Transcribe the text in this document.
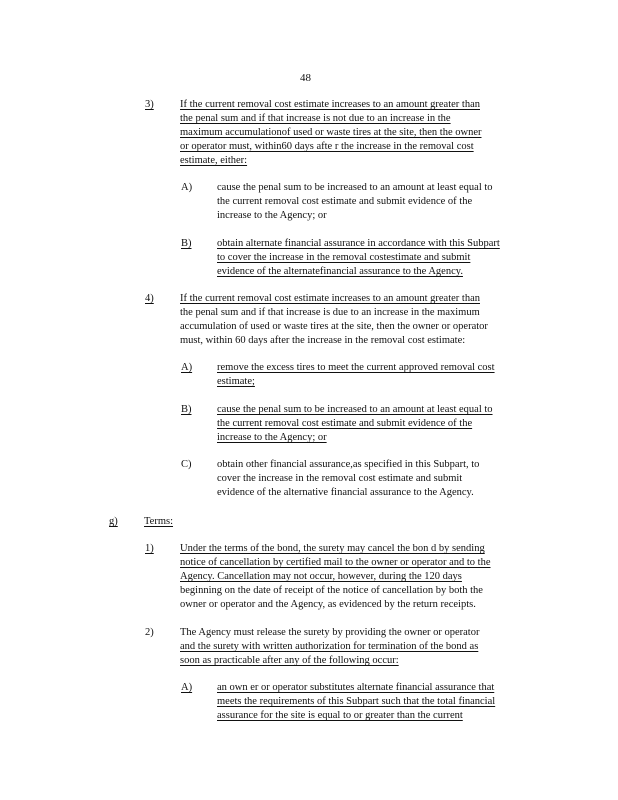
48
3)	If the current removal cost estimate increases to an amount greater than

the penal sum and if that increase is not due to an increase in the

maximum accumulationof used or waste tires at the site, then the owner

or operator must, within60 days afte r the increase in the removal cost

estimate, either:

A) cause the penal sum to be increased to an amount at least equal to

the current removal cost estimate and submit evidence of the

increase to the Agency; or

B) obtain alternate financial assurance in accordance with this Subpart

to cover the increase in the removal costestimate and submit

evidence of the alternatefinancial assurance to the Agency.

4)	If the current removal cost estimate increases to an amount greater than

the penal sum and if that increase is due to an increase in the maximum

accumulation of used or waste tires at the site, then the owner or operator

must, within 60 days after the increase in the removal cost estimate:

A) remove the excess tires to meet the current approved removal cost

estimate;

B) cause the penal sum to be increased to an amount at least equal to

the current removal cost estimate and submit evidence of the

increase to the Agency; or

C) obtain other financial assurance,as specified in this Subpart, to

cover the increase in the removal cost estimate and submit

evidence of the alternative financial assurance to the Agency.

g)	Terms:

1)	Under the terms of the bond, the surety may cancel the bon d by sending

notice of cancellation by certified mail to the owner or operator and to the

Agency. Cancellation may not occur, however, during the 120 days

beginning on the date of receipt of the notice of cancellation by both the

owner or operator and the Agency, as evidenced by the return receipts.

2)	The Agency must release the surety by providing the owner or operator

and the surety with written authorization for termination of the bond as

soon as practicable after any of the following occur:

A) an own er or operator substitutes alternate financial assurance that

meets the requirements of this Subpart such that the total financial

assurance for the site is equal to or greater than the current
